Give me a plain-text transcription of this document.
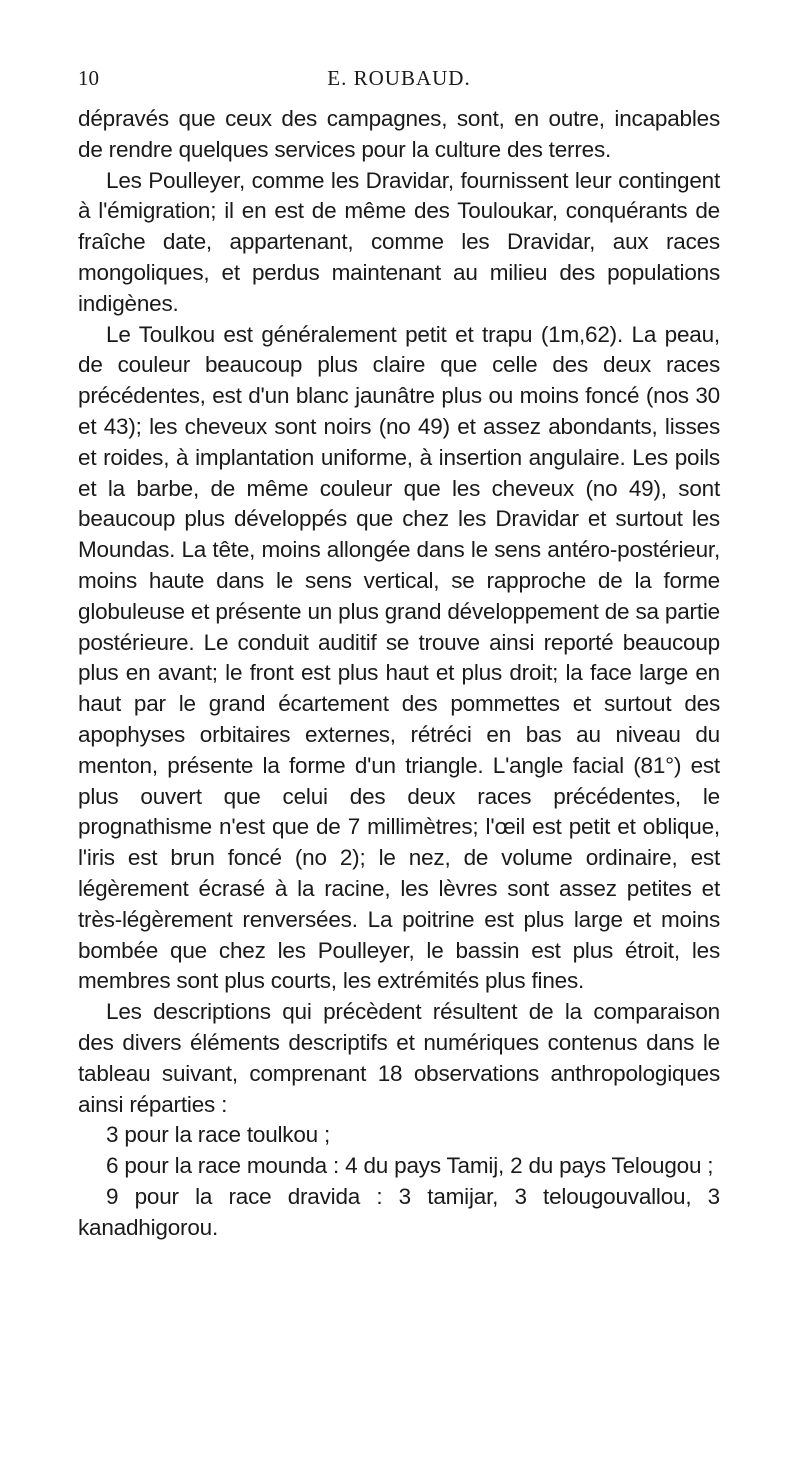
10	E. ROUBAUD.

dépravés que ceux des campagnes, sont, en outre, incapables de rendre quelques services pour la culture des terres.

Les Poulleyer, comme les Dravidar, fournissent leur contingent à l'émigration; il en est de même des Touloukar, conquérants de fraîche date, appartenant, comme les Dravidar, aux races mongoliques, et perdus maintenant au milieu des populations indigènes.

Le Toulkou est généralement petit et trapu (1m,62). La peau, de couleur beaucoup plus claire que celle des deux races précédentes, est d'un blanc jaunâtre plus ou moins foncé (nos 30 et 43); les cheveux sont noirs (no 49) et assez abondants, lisses et roides, à implantation uniforme, à insertion angulaire. Les poils et la barbe, de même couleur que les cheveux (no 49), sont beaucoup plus développés que chez les Dravidar et surtout les Moundas. La tête, moins allongée dans le sens antéro-postérieur, moins haute dans le sens vertical, se rapproche de la forme globuleuse et présente un plus grand développement de sa partie postérieure. Le conduit auditif se trouve ainsi reporté beaucoup plus en avant; le front est plus haut et plus droit; la face large en haut par le grand écartement des pommettes et surtout des apophyses orbitaires externes, rétréci en bas au niveau du menton, présente la forme d'un triangle. L'angle facial (81°) est plus ouvert que celui des deux races précédentes, le prognathisme n'est que de 7 millimètres; l'œil est petit et oblique, l'iris est brun foncé (no 2); le nez, de volume ordinaire, est légèrement écrasé à la racine, les lèvres sont assez petites et très-légèrement renversées. La poitrine est plus large et moins bombée que chez les Poulleyer, le bassin est plus étroit, les membres sont plus courts, les extrémités plus fines.

Les descriptions qui précèdent résultent de la comparaison des divers éléments descriptifs et numériques contenus dans le tableau suivant, comprenant 18 observations anthropologiques ainsi réparties :

3 pour la race toulkou ;

6 pour la race mounda : 4 du pays Tamij, 2 du pays Telougou ;

9 pour la race dravida : 3 tamijar, 3 telougouvallou, 3 kanadhigorou.
